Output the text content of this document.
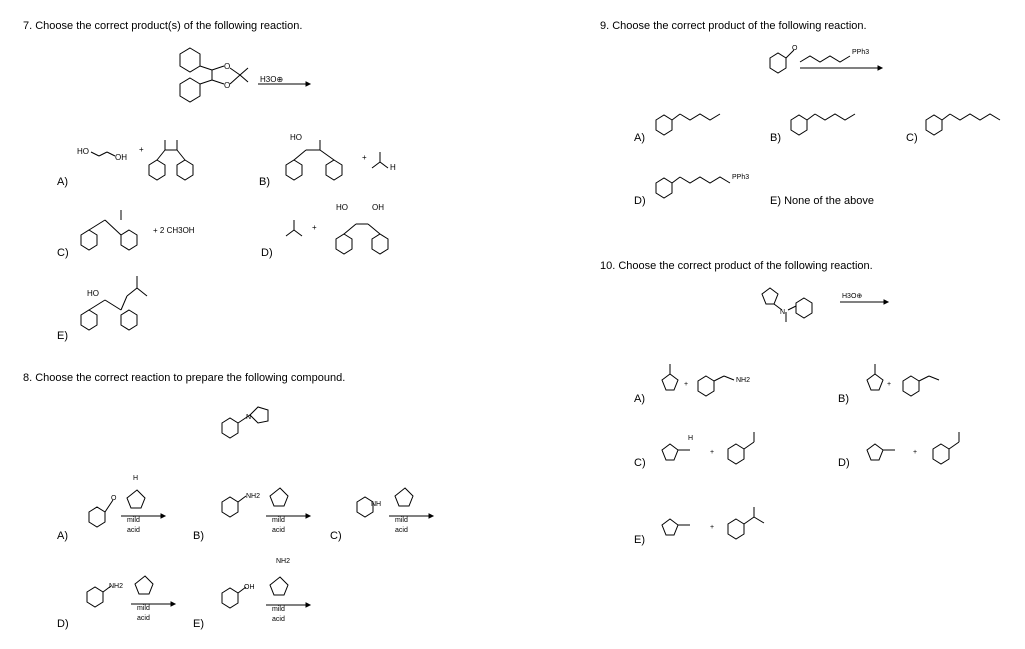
7. Choose the correct product(s) of the following reaction.
O
O
H3O⊕
A)
HO
OH
+
B)
HO
+
H
C)
+ 2 CH3OH
D)
+
HO	OH
E)
HO
8. Choose the correct reaction to prepare the following compound.
N
A)
O
H
mild
acid	B)
NH2
mild
acid	C)
NH
mild
acid
D)
NH2
mild
acid	E)
OH
NH2
mild
acid
9. Choose the correct product of the following reaction.
O
PPh3
A)	B)	C)
D)
PPh3
E) None of the above
10. Choose the correct product of the following reaction.
N
H3O⊕
A)
+
NH2
B)
+
C)
H
+
D)
+
E)
+
